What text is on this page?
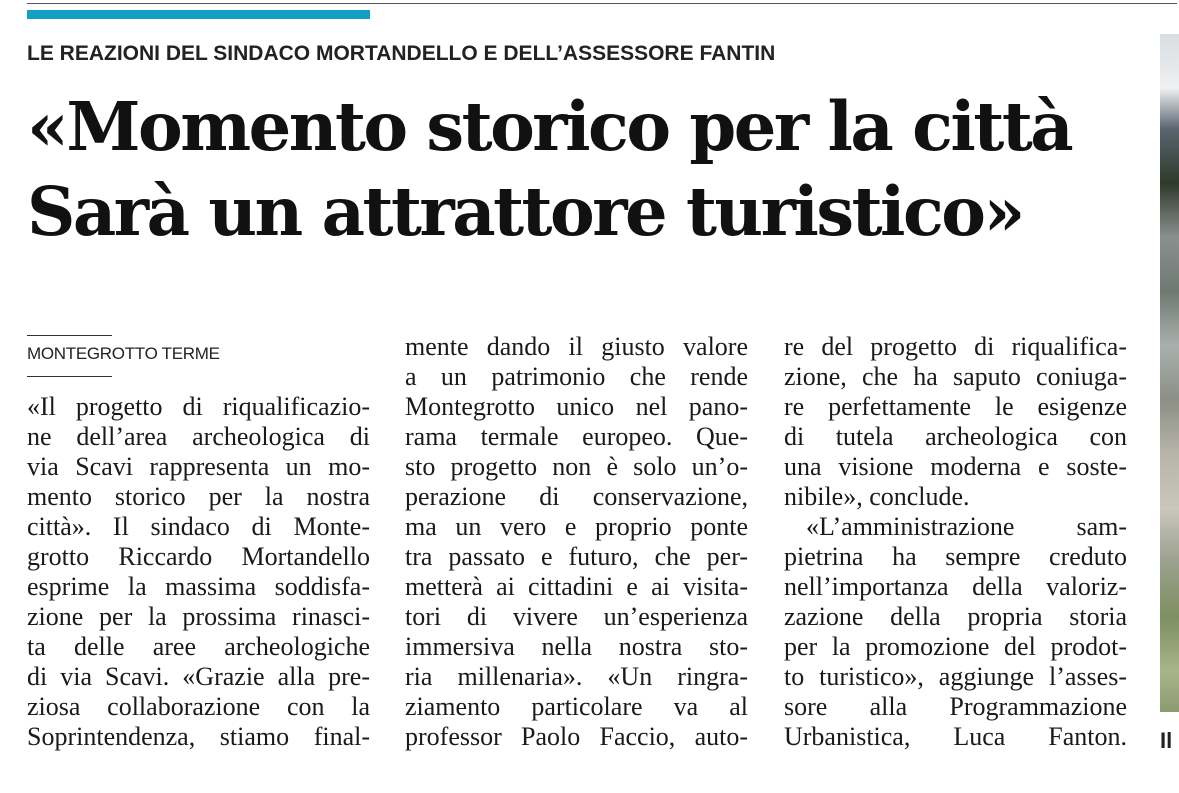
LE REAZIONI DEL SINDACO MORTANDELLO E DELL’ASSESSORE FANTIN
«Momento storico per la città
Sarà un attrattore turistico»
MONTEGROTTO TERME
«Il progetto di riqualificazio-
ne dell’area archeologica di
via Scavi rappresenta un mo-
mento storico per la nostra
città». Il sindaco di Monte-
grotto Riccardo Mortandello
esprime la massima soddisfa-
zione per la prossima rinasci-
ta delle aree archeologiche
di via Scavi. «Grazie alla pre-
ziosa collaborazione con la
Soprintendenza, stiamo final-
mente dando il giusto valore
a un patrimonio che rende
Montegrotto unico nel pano-
rama termale europeo. Que-
sto progetto non è solo un’o-
perazione di conservazione,
ma un vero e proprio ponte
tra passato e futuro, che per-
metterà ai cittadini e ai visita-
tori di vivere un’esperienza
immersiva nella nostra sto-
ria millenaria». «Un ringra-
ziamento particolare va al
professor Paolo Faccio, auto-
re del progetto di riqualifica-
zione, che ha saputo coniuga-
re perfettamente le esigenze
di tutela archeologica con
una visione moderna e soste-
nibile», conclude.
«L’amministrazione sam-
pietrina ha sempre creduto
nell’importanza della valoriz-
zazione della propria storia
per la promozione del prodot-
to turistico», aggiunge l’asses-
sore alla Programmazione
Urbanistica, Luca Fanton. Il
